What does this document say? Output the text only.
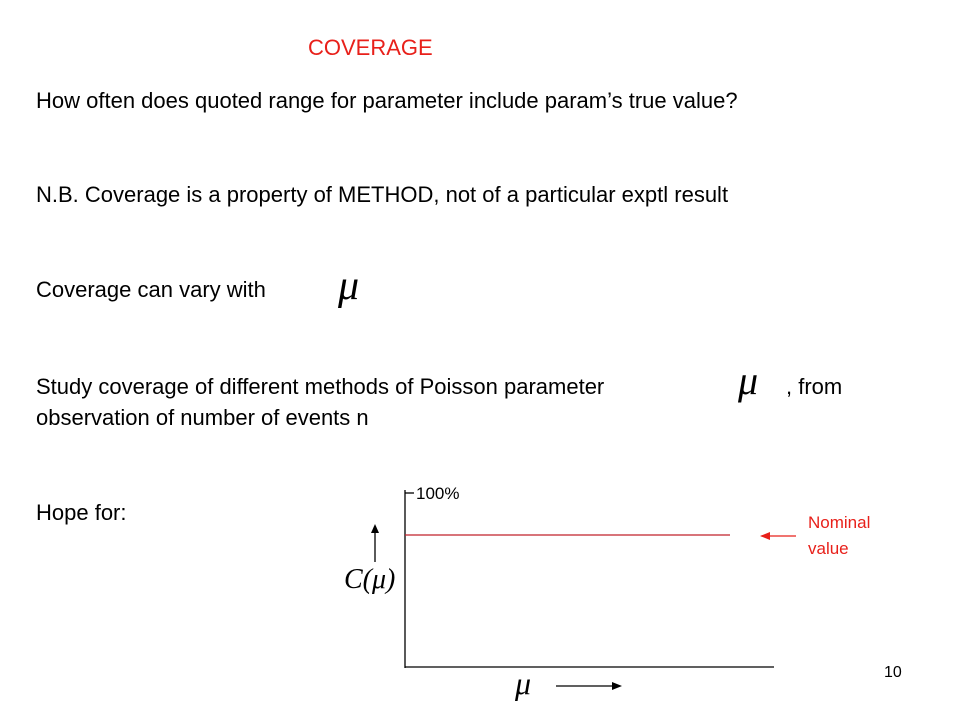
COVERAGE
How often does quoted range for parameter include param’s true value?
N.B. Coverage is a property of METHOD, not of a particular exptl result
Coverage can vary with μ
Study coverage of different methods of Poisson parameter	μ , from
observation of number of events n
Hope for:
100%
C(μ)
μ
Nominal
value
10
